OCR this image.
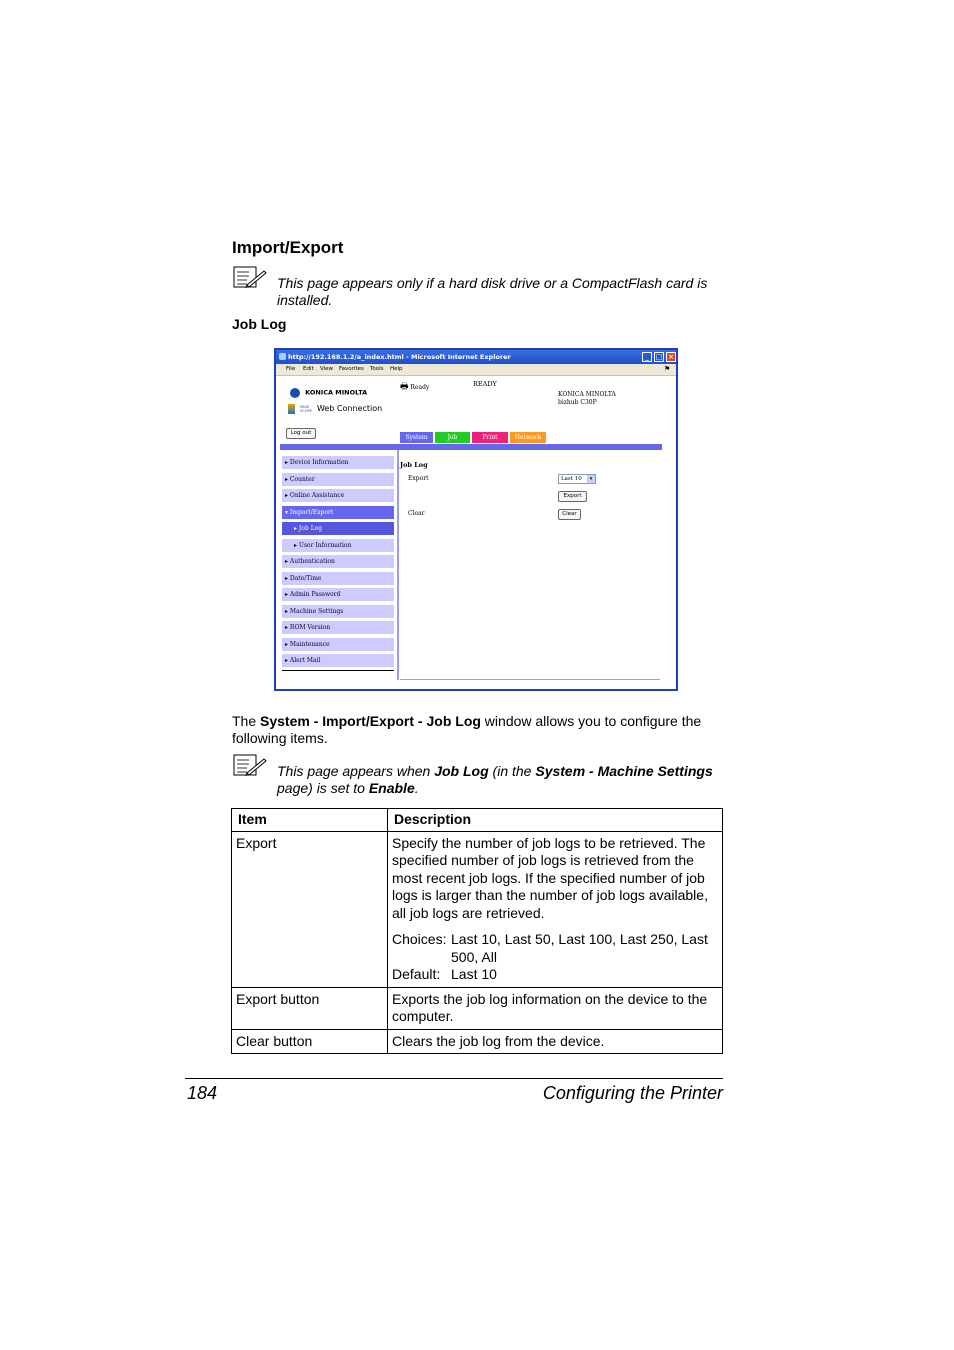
Import/Export
This page appears only if a hard disk drive or a CompactFlash card is installed.
Job Log
http://192.168.1.2/a_index.html - Microsoft Internet Explorer	_ □ ×
File Edit View Favorites Tools Help	⚑
KONICA MINOLTA
PAGE
SCOPE Web Connection
🖶 Ready	READY
KONICA MINOLTA
bizhub C30P
Log out
System	Job	Print	Network
▸ Device Information
▸ Counter
▸ Online Assistance
▾ Import/Export
▸ Job Log
▸ User Information
▸ Authentication
▸ Date/Time
▸ Admin Password
▸ Machine Settings
▸ ROM Version
▸ Maintenance
▸ Alert Mail
Job Log
Export	Last 10	▾
Export
Clear	Clear
The System - Import/Export - Job Log window allows you to configure the following items.
This page appears when Job Log (in the System - Machine Settings page) is set to Enable.
Item	Description
Export	Specify the number of job logs to be retrieved. The specified number of job logs is retrieved from the most recent job logs. If the specified number of job logs is larger than the number of job logs available, all job logs are retrieved.
Choices: Last 10, Last 50, Last 100, Last 250, Last 500, All
Default: Last 10

Export button	Exports the job log information on the device to the computer.
Clear button	Clears the job log from the device.
184	Configuring the Printer
